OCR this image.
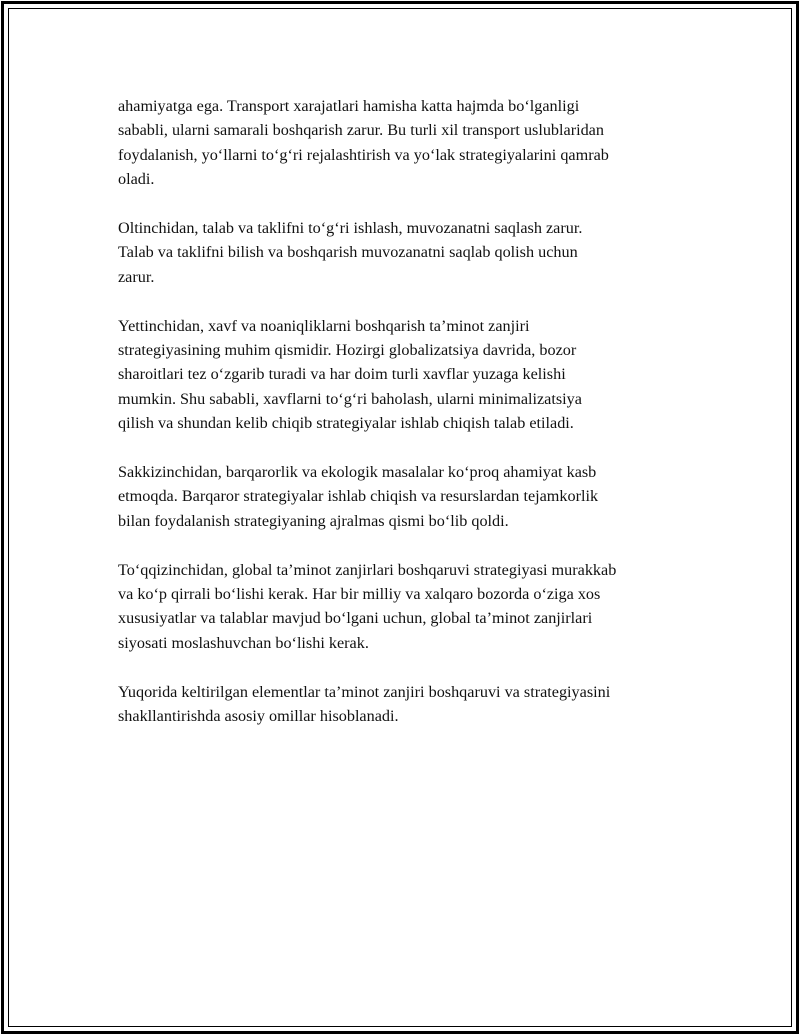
ahamiyatga ega. Transport xarajatlari hamisha katta hajmda bo‘lganligi
sababli, ularni samarali boshqarish zarur. Bu turli xil transport uslublaridan
foydalanish, yo‘llarni to‘g‘ri rejalashtirish va yo‘lak strategiyalarini qamrab
oladi.

Oltinchidan, talab va taklifni to‘g‘ri ishlash, muvozanatni saqlash zarur.
Talab va taklifni bilish va boshqarish muvozanatni saqlab qolish uchun
zarur.

Yettinchidan, xavf va noaniqliklarni boshqarish ta’minot zanjiri
strategiyasining muhim qismidir. Hozirgi globalizatsiya davrida, bozor
sharoitlari tez o‘zgarib turadi va har doim turli xavflar yuzaga kelishi
mumkin. Shu sababli, xavflarni to‘g‘ri baholash, ularni minimalizatsiya
qilish va shundan kelib chiqib strategiyalar ishlab chiqish talab etiladi.

Sakkizinchidan, barqarorlik va ekologik masalalar ko‘proq ahamiyat kasb
etmoqda. Barqaror strategiyalar ishlab chiqish va resurslardan tejamkorlik
bilan foydalanish strategiyaning ajralmas qismi bo‘lib qoldi.

To‘qqizinchidan, global ta’minot zanjirlari boshqaruvi strategiyasi murakkab
va ko‘p qirrali bo‘lishi kerak. Har bir milliy va xalqaro bozorda o‘ziga xos
xususiyatlar va talablar mavjud bo‘lgani uchun, global ta’minot zanjirlari
siyosati moslashuvchan bo‘lishi kerak.

Yuqorida keltirilgan elementlar ta’minot zanjiri boshqaruvi va strategiyasini
shakllantirishda asosiy omillar hisoblanadi.
